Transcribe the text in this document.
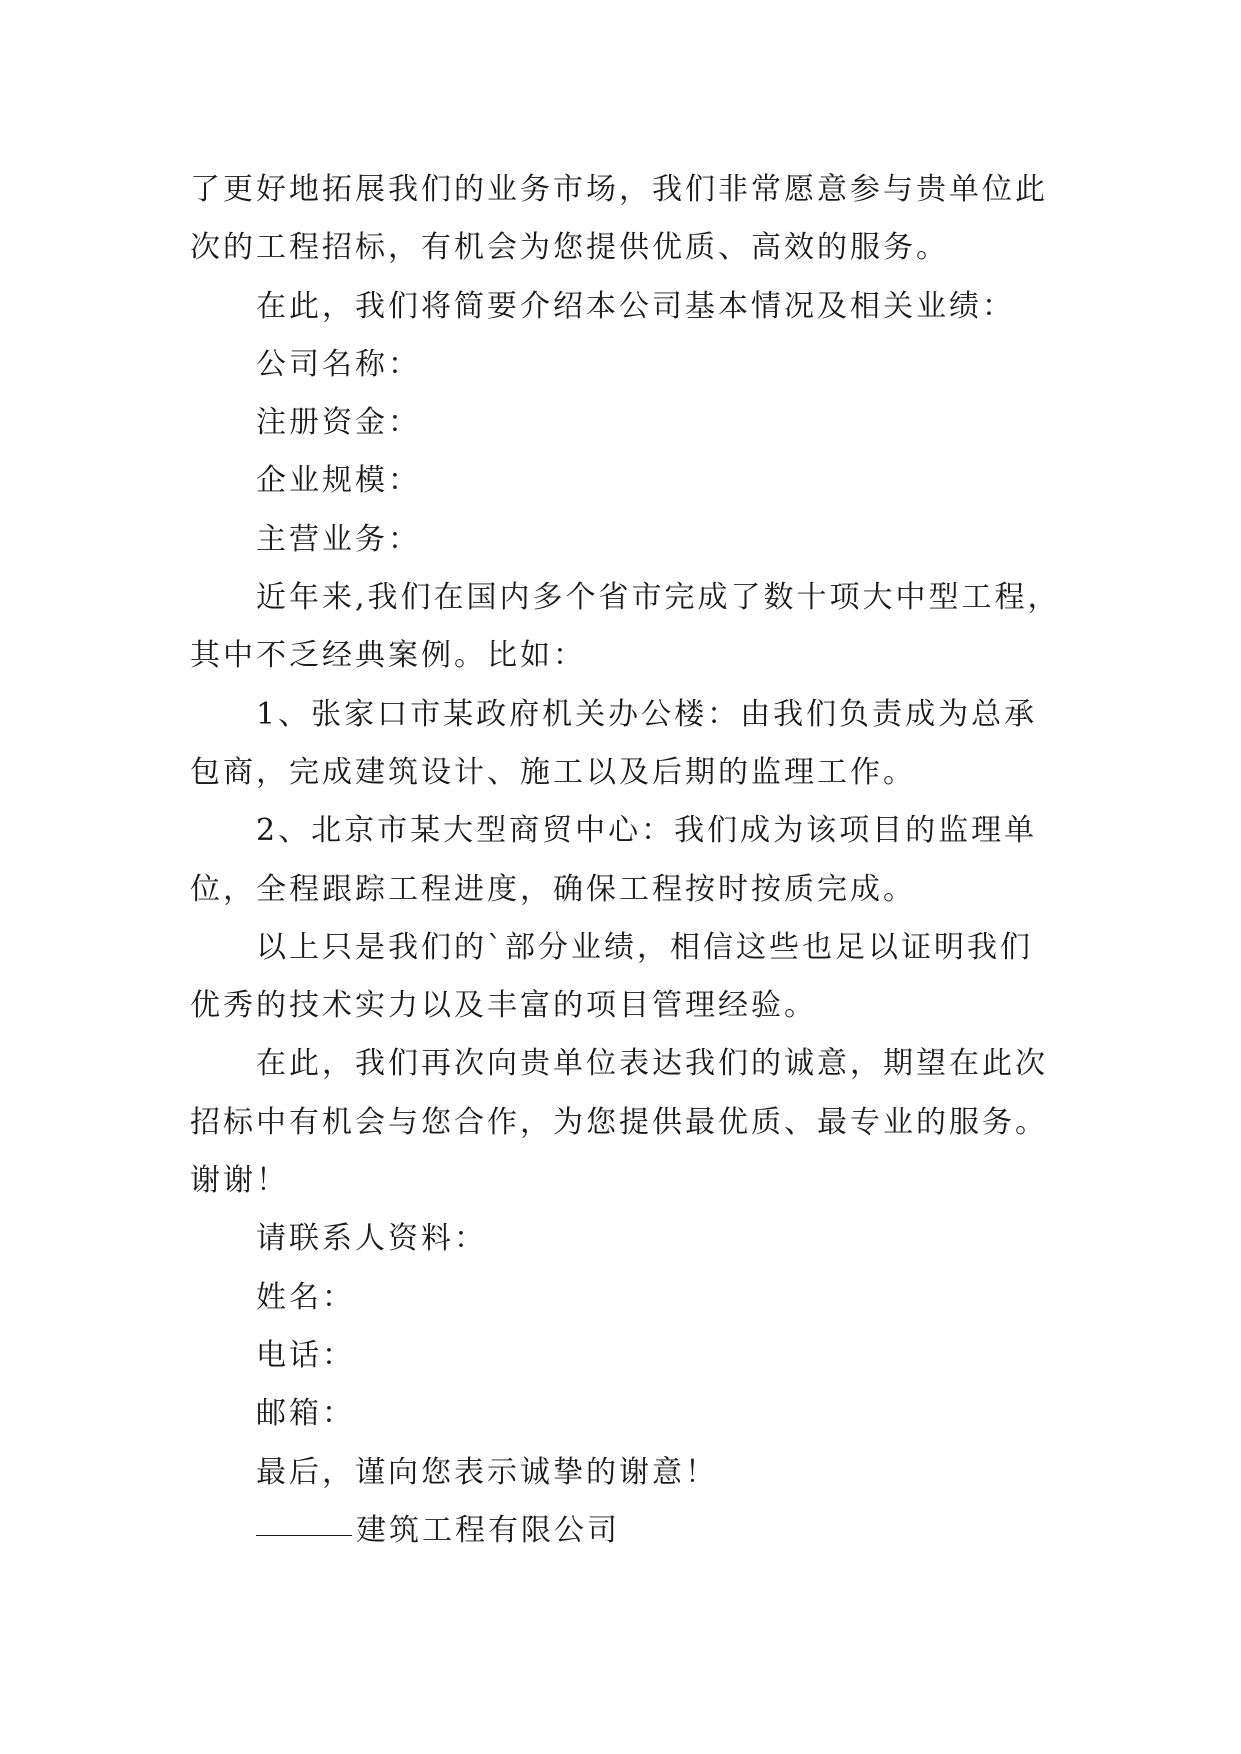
了更好地拓展我们的业务市场，我们非常愿意参与贵单位此
次的工程招标，有机会为您提供优质、高效的服务。
在此，我们将简要介绍本公司基本情况及相关业绩：
公司名称：
注册资金：
企业规模：
主营业务：
近年来,我们在国内多个省市完成了数十项大中型工程，
其中不乏经典案例。比如：
1、张家口市某政府机关办公楼：由我们负责成为总承
包商，完成建筑设计、施工以及后期的监理工作。
2、北京市某大型商贸中心：我们成为该项目的监理单
位，全程跟踪工程进度，确保工程按时按质完成。
以上只是我们的`部分业绩，相信这些也足以证明我们
优秀的技术实力以及丰富的项目管理经验。
在此，我们再次向贵单位表达我们的诚意，期望在此次
招标中有机会与您合作，为您提供最优质、最专业的服务。
谢谢！
请联系人资料：
姓名：
电话：
邮箱：
最后，谨向您表示诚挚的谢意！
建筑工程有限公司
